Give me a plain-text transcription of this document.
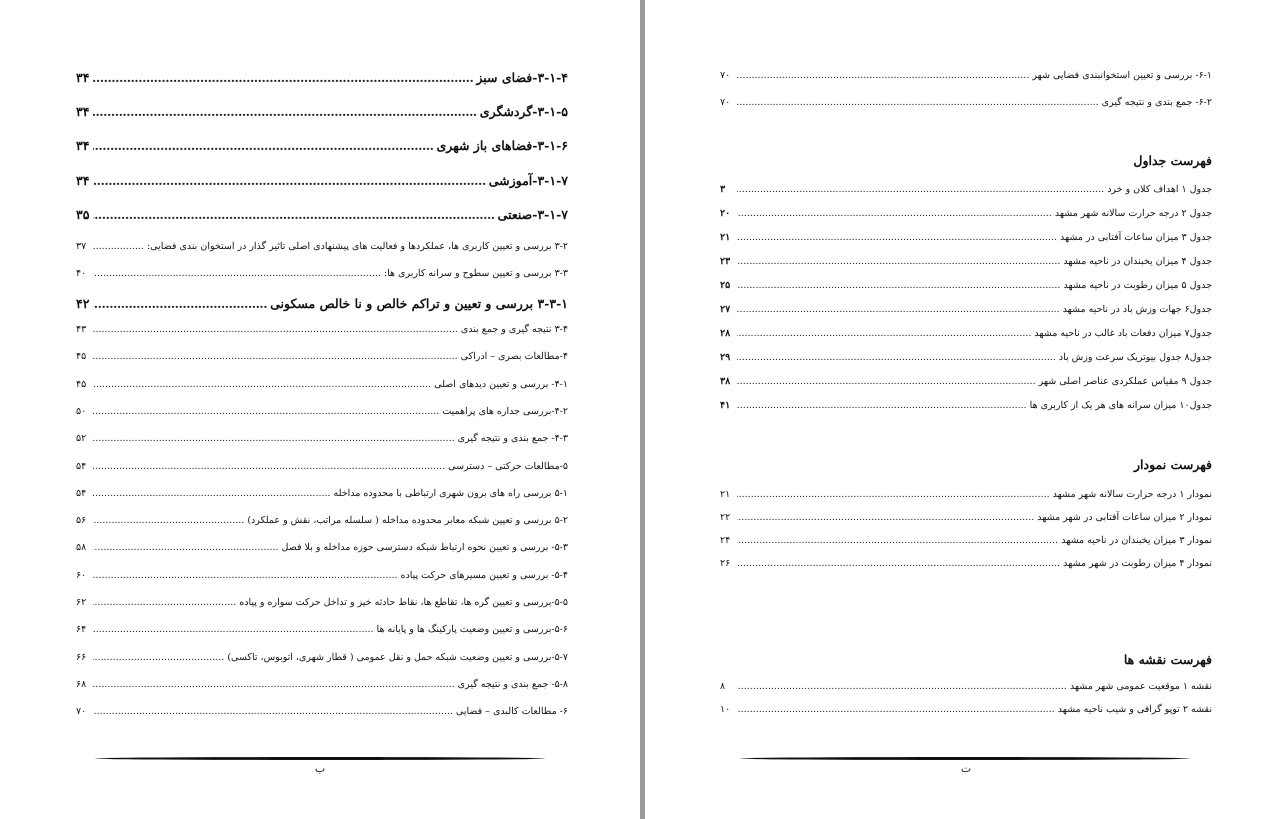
۳-۱-۴-فضای سبز
.....
۳۴
۳-۱-۵-گردشگری
.....
۳۴
۳-۱-۶-فضاهای باز شهری
.....
۳۴
۳-۱-۷-آموزشی
.....
۳۴
۳-۱-۷-صنعتی
.....
۳۵
۳-۲ بررسی و تعیین کاربری ها، عملکردها و فعالیت های پیشنهادی اصلی تاثیر گذار در استخوان بندی فضایی:
.....
۳۷
۳-۳ بررسی و تعیین سطوح و سرانه کاربری ها:
.....
۴۰
۳-۳-۱ بررسی و تعیین و تراکم خالص و نا خالص مسکونی
.....
۴۲
۳-۴ نتیجه گیری و جمع بندی
.....
۴۳
۴-مطالعات بصری – ادراکی
.....
۴۵
۴-۱- بررسی و تعیین دیدهای اصلی
.....
۴۵
۴-۲-بررسی جداره های پراهمیت
.....
۵۰
۴-۳- جمع بندی و نتیجه گیری
.....
۵۲
۵-مطالعات حرکتی – دسترسی
.....
۵۴
۵-۱ بررسی راه های برون شهری ارتباطی با محدوده مداخله
.....
۵۴
۵-۲ بررسی و تعیین شبکه معابر محدوده مداخله ( سلسله مراتب، نقش و عملکرد)
.....
۵۶
۵-۳- بررسی و تعیین نحوه ارتباط شبکه دسترسی حوزه مداخله و بلا فصل
.....
۵۸
۵-۴- بررسی و تعیین مسیرهای حرکت پیاده
.....
۶۰
۵-۵-بررسی و تعیین گره ها، تقاطع ها، نقاط حادثه خیز و تداخل حرکت سواره و پیاده
.....
۶۲
۵-۶-بررسی و تعیین وضعیت پارکینگ ها و پایانه ها
.....
۶۴
۵-۷-بررسی و تعیین وضعیت شبکه حمل و نقل عمومی ( قطار شهری، اتوبوس، تاکسی)
.....
۶۶
۵-۸- جمع بندی و نتیجه گیری
.....
۶۸
۶- مطالعات کالبدی – فضایی
.....
۷۰
ب	ت
۶-۱- بررسی و تعیین استخوانبندی فضایی شهر
.....
۷۰
۶-۲- جمع بندی و نتیجه گیری
.....
۷۰
فهرست جداول
جدول ۱ اهداف کلان و خرد
.....
۳
جدول ۲ درجه حرارت سالانه شهر مشهد
.....
۲۰
جدول ۳ میزان ساعات آفتابی در مشهد
.....
۲۱
جدول ۴ میزان یخبندان در ناحیه مشهد
.....
۲۳
جدول ۵ میزان رطوبت در ناحیه مشهد
.....
۲۵
جدول۶ جهات وزش باد در ناحیه مشهد
.....
۲۷
جدول۷ میزان دفعات باد غالب در ناحیه مشهد
.....
۲۸
جدول۸ جدول بیوتریک سرعت وزش باد
.....
۲۹
جدول ۹ مقیاس عملکردی عناصر اصلی شهر
.....
۳۸
جدول۱۰ میزان سرانه های هر یک از کاربری ها
.....
۴۱
فهرست نمودار
نمودار ۱ درجه حرارت سالانه شهر مشهد
.....
۲۱
نمودار ۲ میزان ساعات آفتابی در شهر مشهد
.....
۲۲
نمودار ۳ میزان یخبندان در ناحیه مشهد
.....
۲۴
نمودار ۴ میزان رطوبت در شهر مشهد
.....
۲۶
فهرست نقشه ها
نقشه ۱ موقعیت عمومی شهر مشهد
.....
۸
نقشه ۲ توپو گرافی و شیب ناحیه مشهد
.....
۱۰
